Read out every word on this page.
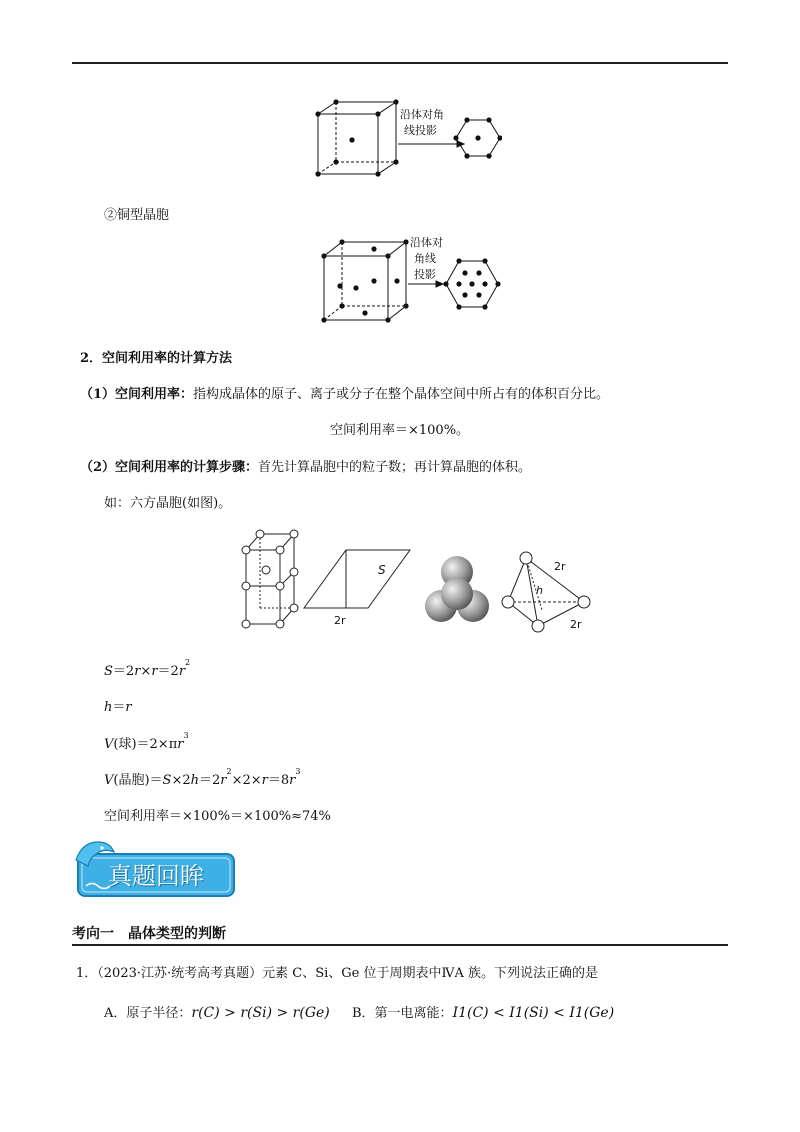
沿体对角
线投影
②铜型晶胞
沿体对
角线
投影
2．空间利用率的计算方法
（1）空间利用率：指构成晶体的原子、离子或分子在整个晶体空间中所占有的体积百分比。
空间利用率＝×100%。
（2）空间利用率的计算步骤：首先计算晶胞中的粒子数；再计算晶胞的体积。
如：六方晶胞(如图)。
S
2r
2r
h
2r
$S=2r\times r=2r^2$
h＝r
V(球)$=2\times\pi r^3$
V(晶胞)$=S\times 2h=2r^2\times 2\times r=8r^3$
空间利用率＝×100%＝×100%≈74%
真题回眸
考向一　晶体类型的判断
1．（2023·江苏·统考高考真题）元素 C、Si、Ge 位于周期表中ⅣA 族。下列说法正确的是
A．原子半径：r(C) > r(Si) > r(Ge) B．第一电离能：I1(C) < I1(Si) < I1(Ge)
